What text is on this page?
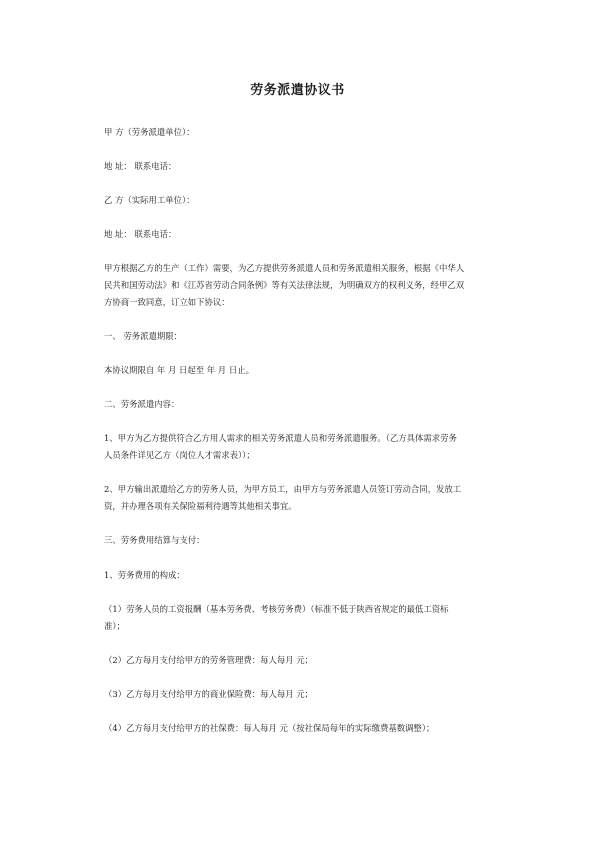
劳务派遣协议书
甲 方（劳务派遣单位）：
地 址： 联系电话：
乙 方（实际用工单位）：
地 址： 联系电话：
甲方根据乙方的生产（工作）需要，为乙方提供劳务派遣人员和劳务派遣相关服务，根据《中华人
民共和国劳动法》和《江苏省劳动合同条例》等有关法律法规，为明确双方的权利义务，经甲乙双
方协商一致同意，订立如下协议：
一、 劳务派遣期限：
本协议期限自 年 月 日起至 年 月 日止。
二、劳务派遣内容：
1、甲方为乙方提供符合乙方用人需求的相关劳务派遣人员和劳务派遣服务。（乙方具体需求劳务
人员条件详见乙方（岗位人才需求表））；
2、甲方输出派遣给乙方的劳务人员，为甲方员工，由甲方与劳务派遣人员签订劳动合同，发放工
资，并办理各项有关保险福利待遇等其他相关事宜。
三、劳务费用结算与支付：
1、劳务费用的构成：
（1）劳务人员的工资报酬（基本劳务费、考核劳务费）（标准不低于陕西省规定的最低工资标
准）；
（2）乙方每月支付给甲方的劳务管理费：每人每月 元；
（3）乙方每月支付给甲方的商业保险费：每人每月 元；
（4）乙方每月支付给甲方的社保费：每人每月 元（按社保局每年的实际缴费基数调整）；
